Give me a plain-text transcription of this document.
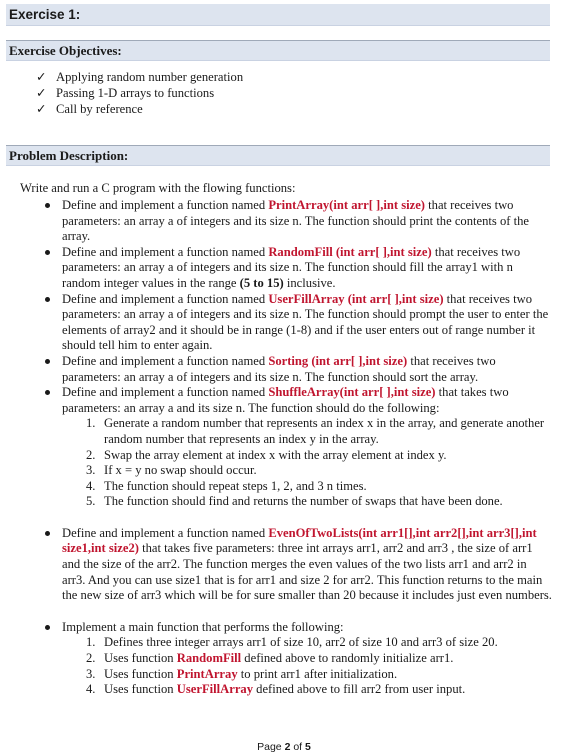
Exercise 1:
Exercise Objectives:
✓ Applying random number generation
✓ Passing 1-D arrays to functions
✓ Call by reference
Problem Description:
Write and run a C program with the flowing functions:
Define and implement a function named PrintArray(int arr[ ],int size) that receives two parameters: an array a of integers and its size n. The function should print the contents of the array.
Define and implement a function named RandomFill (int arr[ ],int size) that receives two parameters: an array a of integers and its size n. The function should fill the array1 with n random integer values in the range (5 to 15) inclusive.
Define and implement a function named UserFillArray (int arr[ ],int size) that receives two parameters: an array a of integers and its size n. The function should prompt the user to enter the elements of array2 and it should be in range (1-8) and if the user enters out of range number it should tell him to enter again.
Define and implement a function named Sorting (int arr[ ],int size) that receives two parameters: an array a of integers and its size n. The function should sort the array.
Define and implement a function named ShuffleArray(int arr[ ],int size) that takes two parameters: an array a and its size n. The function should do the following:
1. Generate a random number that represents an index x in the array, and generate another random number that represents an index y in the array.
2. Swap the array element at index x with the array element at index y.
3. If x = y no swap should occur.
4. The function should repeat steps 1, 2, and 3 n times.
5. The function should find and returns the number of swaps that have been done.
Define and implement a function named EvenOfTwoLists(int arr1[],int arr2[],int arr3[],int size1,int size2) that takes five parameters: three int arrays arr1, arr2 and arr3 , the size of arr1 and the size of the arr2. The function merges the even values of the two lists arr1 and arr2 in arr3. And you can use size1 that is for arr1 and size 2 for arr2. This function returns to the main the new size of arr3 which will be for sure smaller than 20 because it includes just even numbers.
Implement a main function that performs the following:
1. Defines three integer arrays arr1 of size 10, arr2 of size 10 and arr3 of size 20.
2. Uses function RandomFill defined above to randomly initialize arr1.
3. Uses function PrintArray to print arr1 after initialization.
4. Uses function UserFillArray defined above to fill arr2 from user input.
Page 2 of 5
